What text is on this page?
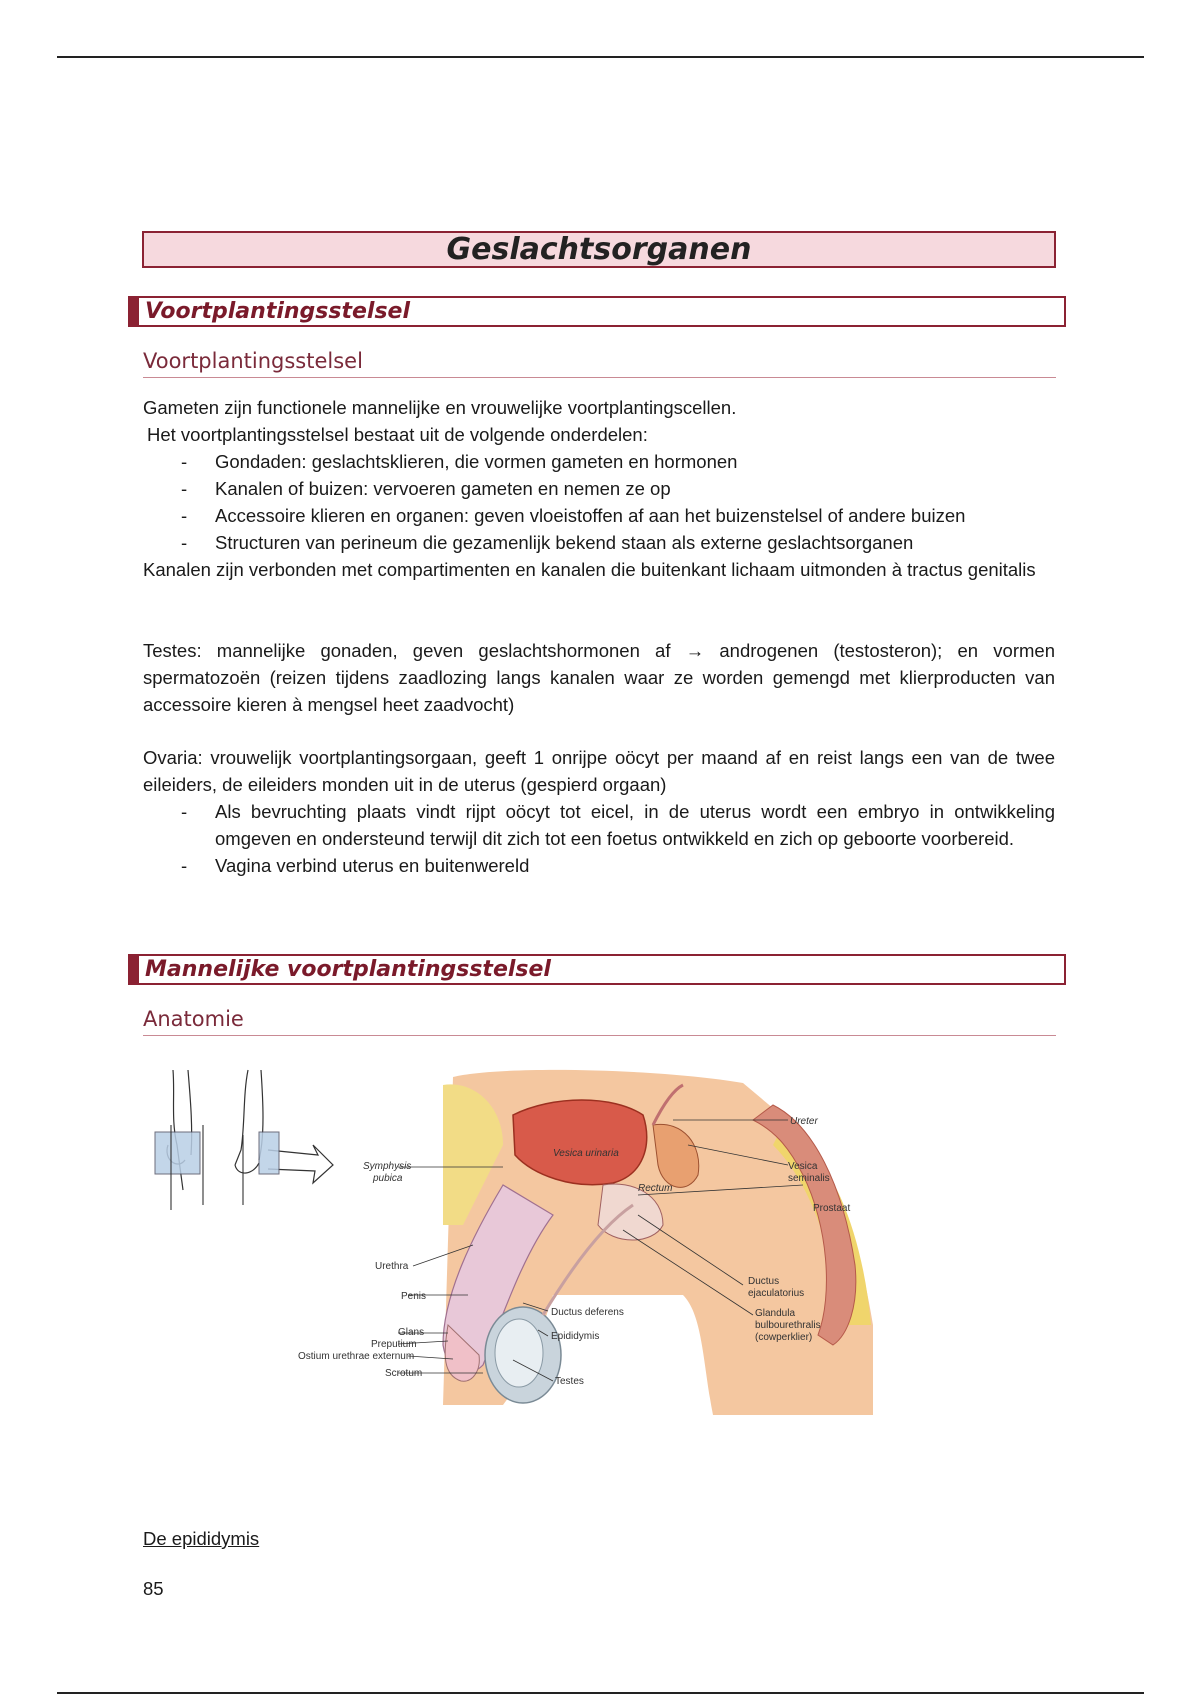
Geslachtsorganen
Voortplantingsstelsel
Voortplantingsstelsel

Gameten zijn functionele mannelijke en vrouwelijke voortplantingscellen.

Het voortplantingsstelsel bestaat uit de volgende onderdelen:

- Gondaden: geslachtsklieren, die vormen gameten en hormonen
- Kanalen of buizen: vervoeren gameten en nemen ze op
- Accessoire klieren en organen: geven vloeistoffen af aan het buizenstelsel of andere buizen
- Structuren van perineum die gezamenlijk bekend staan als externe geslachtsorganen

Kanalen zijn verbonden met compartimenten en kanalen die buitenkant lichaam uitmonden à tractus genitalis

Testes: mannelijke gonaden, geven geslachtshormonen af → androgenen (testosteron); en vormen spermatozoën (reizen tijdens zaadlozing langs kanalen waar ze worden gemengd met klierproducten van accessoire kieren à mengsel heet zaadvocht)

Ovaria: vrouwelijk voortplantingsorgaan, geeft 1 onrijpe oöcyt per maand af en reist langs een van de twee eileiders, de eileiders monden uit in de uterus (gespierd orgaan)

- Als bevruchting plaats vindt rijpt oöcyt tot eicel, in de uterus wordt een embryo in ontwikkeling omgeven en ondersteund terwijl dit zich tot een foetus ontwikkeld en zich op geboorte voorbereid.
- Vagina verbind uterus en buitenwereld
Mannelijke voortplantingsstelsel
Anatomie
Ureter
Vesica
seminalis
Prostaat
Symphysis
pubica
Vesica urinaria
Rectum
Urethra
Penis
Glans
Preputium
Ostium urethrae externum
Scrotum
Ductus deferens
Epididymis
Testes
Ductus
ejaculatorius
Glandula
bulbourethralis
(cowperklier)
De epididymis
85
